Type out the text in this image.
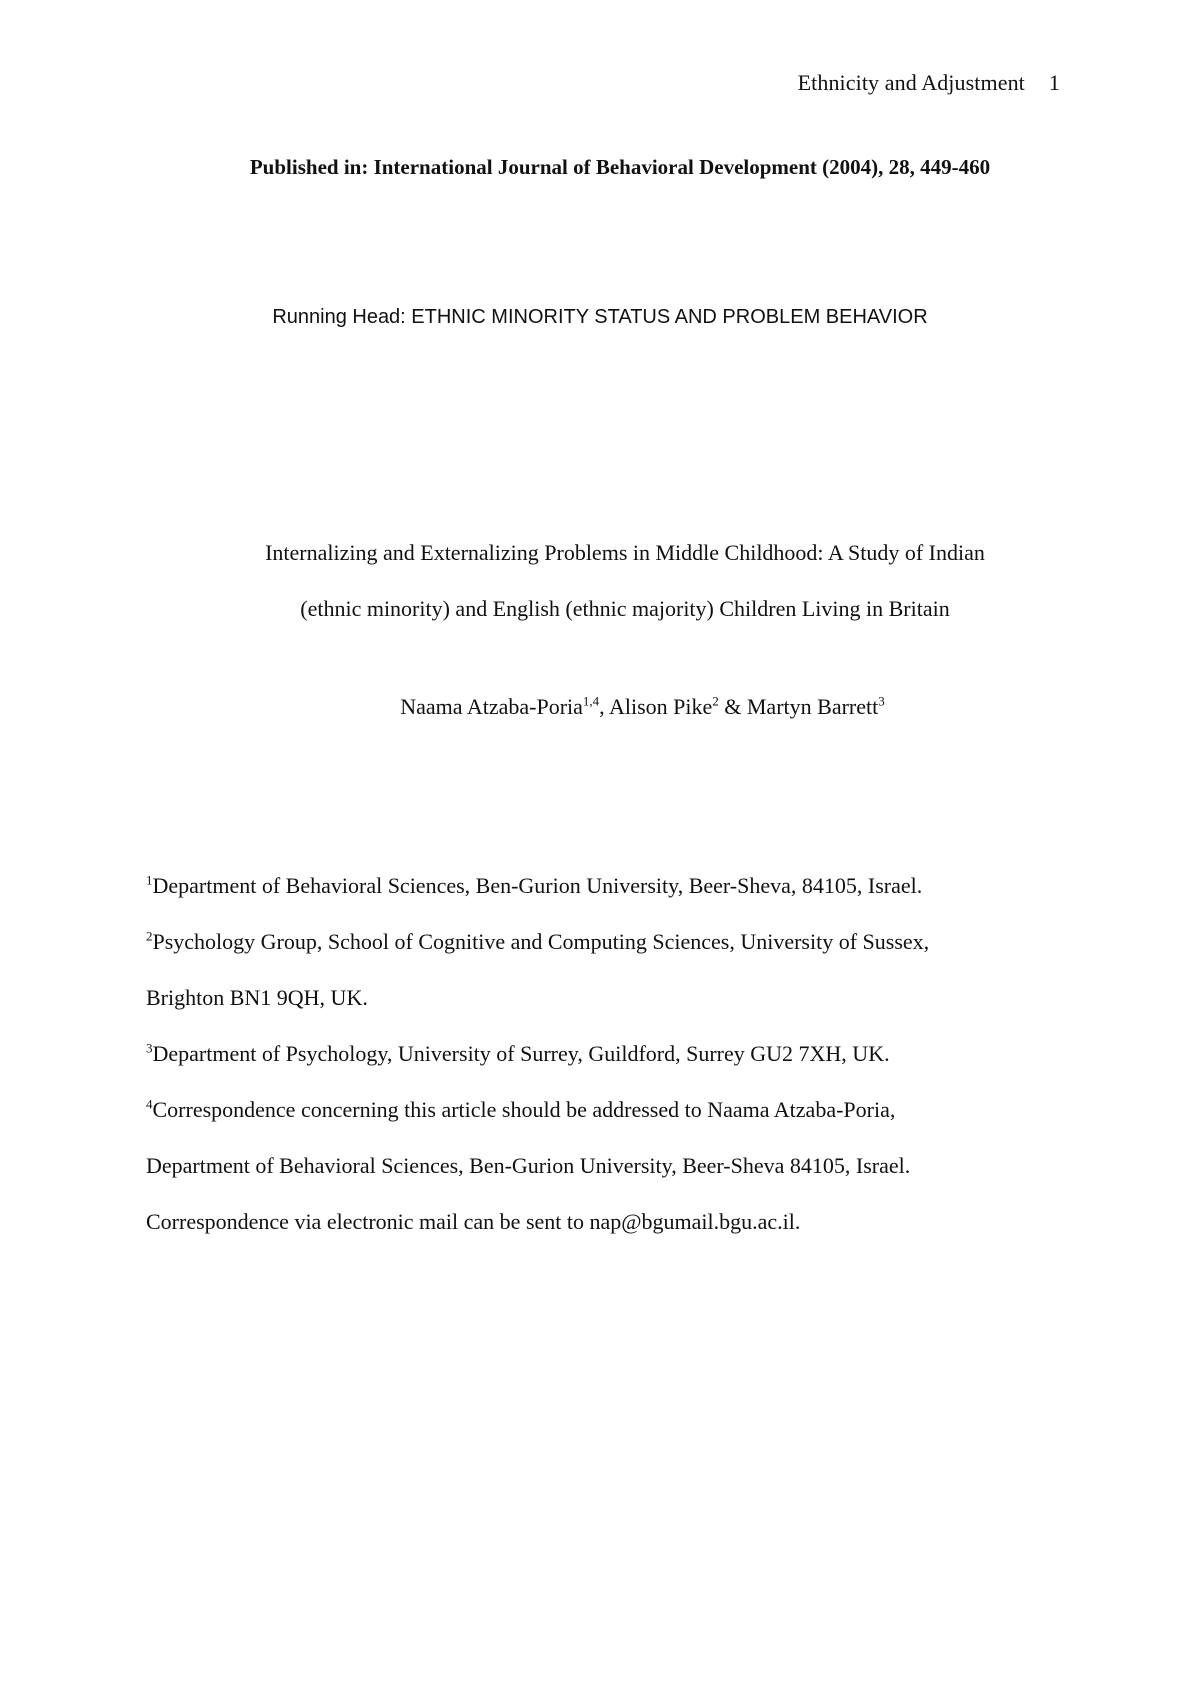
Ethnicity and Adjustment 1
Published in: International Journal of Behavioral Development (2004), 28, 449-460
Running Head: ETHNIC MINORITY STATUS AND PROBLEM BEHAVIOR
Internalizing and Externalizing Problems in Middle Childhood: A Study of Indian
(ethnic minority) and English (ethnic majority) Children Living in Britain
Naama Atzaba-Poria$^{1,4}$, Alison Pike$^2$ & Martyn Barrett$^3$

$^1$Department of Behavioral Sciences, Ben-Gurion University, Beer-Sheva, 84105, Israel.

$^2$Psychology Group, School of Cognitive and Computing Sciences, University of Sussex,
Brighton BN1 9QH, UK.

$^3$Department of Psychology, University of Surrey, Guildford, Surrey GU2 7XH, UK.

$^4$Correspondence concerning this article should be addressed to Naama Atzaba-Poria,
Department of Behavioral Sciences, Ben-Gurion University, Beer-Sheva 84105, Israel.
Correspondence via electronic mail can be sent to nap@bgumail.bgu.ac.il.
